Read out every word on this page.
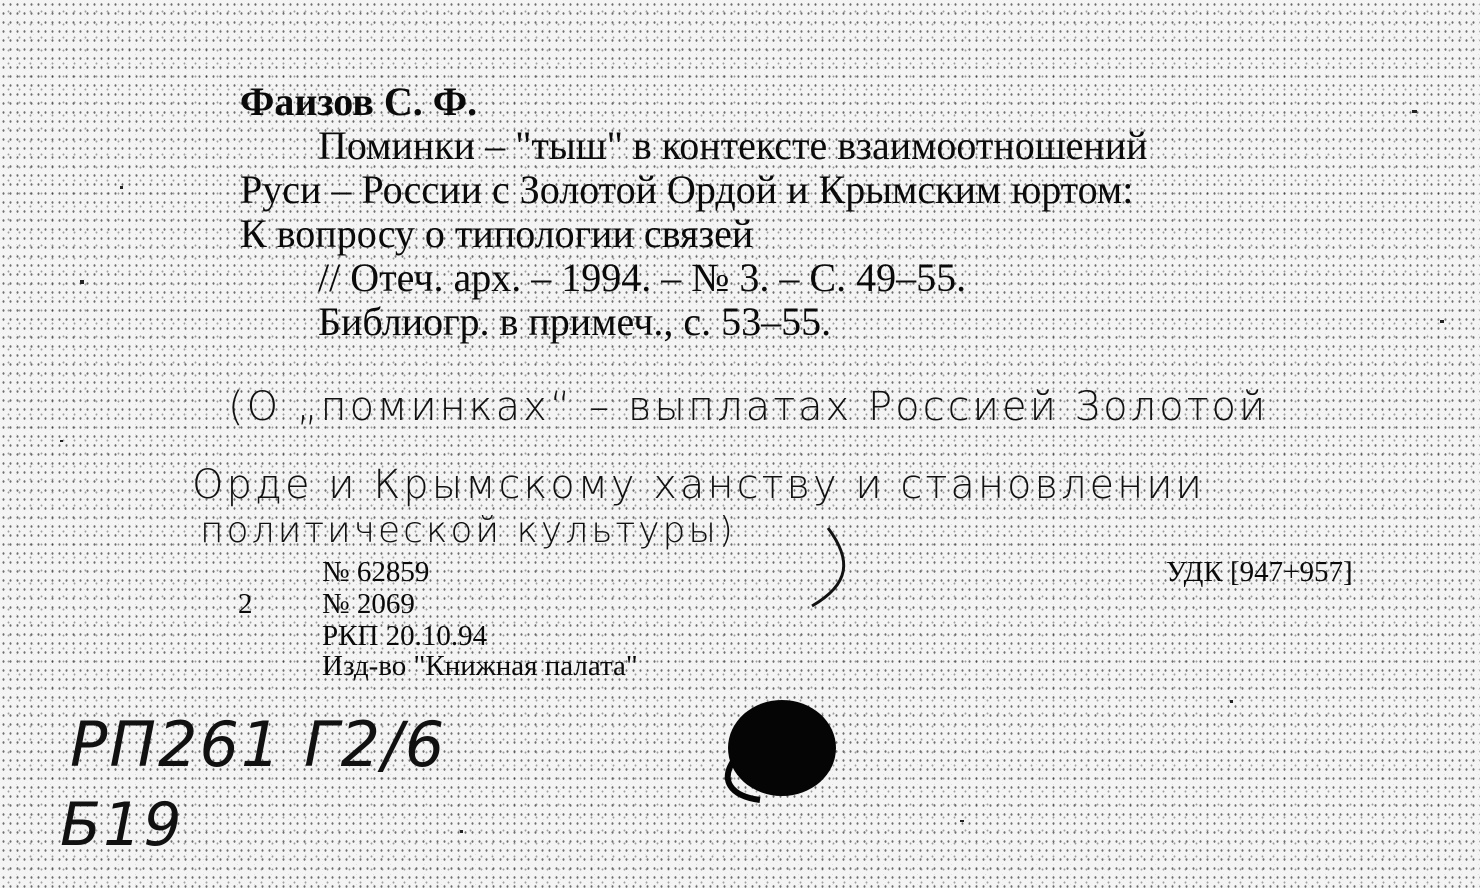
Фаизов С. Ф.
Поминки – "тыш" в контексте взаимоотношений
Руси – России с Золотой Ордой и Крымским юртом:
К вопросу о типологии связей
// Отеч. арх. – 1994. – № 3. – С. 49–55.
Библиогр. в примеч., с. 53–55.
(О „поминках“ – выплатах Россией Золотой
Орде и Крымскому ханству и становлении
политической культуры)
№ 62859
2 № 2069
РКП 20.10.94
Изд-во "Книжная палата"
УДК [947+957]
РП261 Г2/6
Б19
